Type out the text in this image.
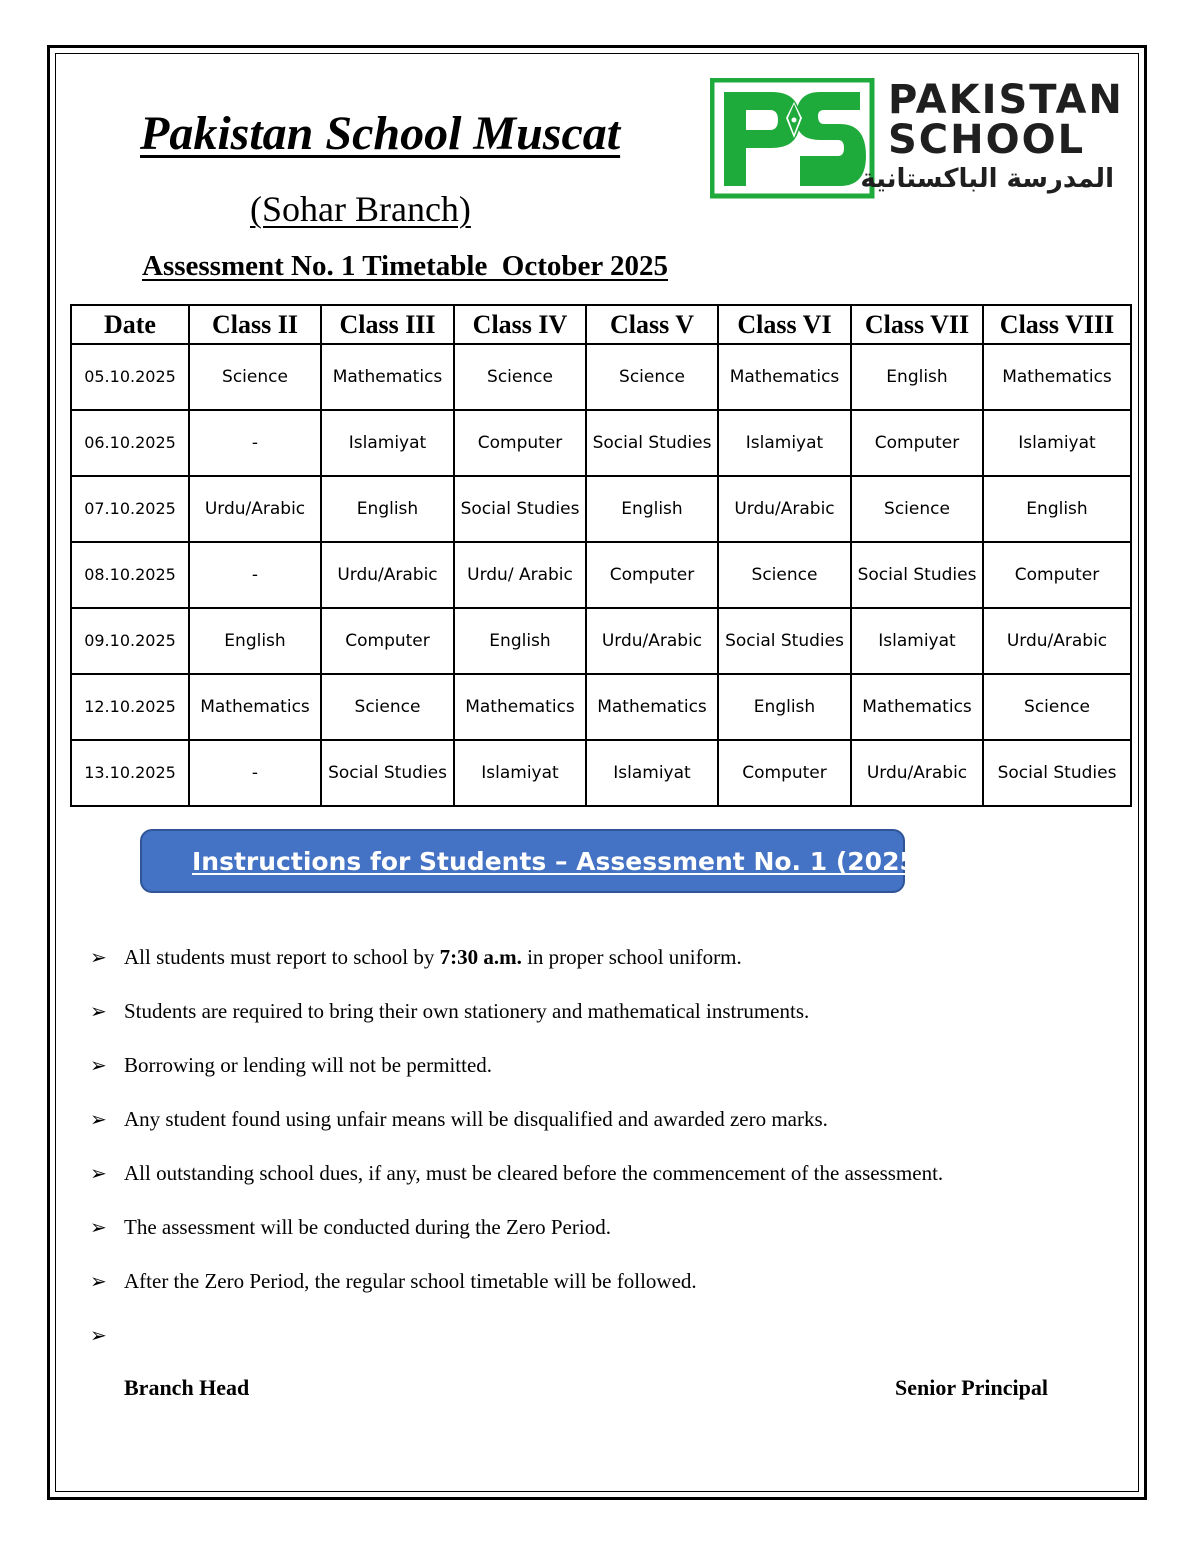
Pakistan School Muscat
(Sohar Branch)
Assessment No. 1 Timetable  October 2025
PAKISTAN
SCHOOL
المدرسة الباكستانية
Date	Class II	Class III	Class IV	Class V	Class VI	Class VII	Class VIII
05.10.2025	Science	Mathematics	Science	Science	Mathematics	English	Mathematics
06.10.2025	-	Islamiyat	Computer	Social Studies	Islamiyat	Computer	Islamiyat
07.10.2025	Urdu/Arabic	English	Social Studies	English	Urdu/Arabic	Science	English
08.10.2025	-	Urdu/Arabic	Urdu/ Arabic	Computer	Science	Social Studies	Computer
09.10.2025	English	Computer	English	Urdu/Arabic	Social Studies	Islamiyat	Urdu/Arabic
12.10.2025	Mathematics	Science	Mathematics	Mathematics	English	Mathematics	Science
13.10.2025	-	Social Studies	Islamiyat	Islamiyat	Computer	Urdu/Arabic	Social Studies
Instructions for Students – Assessment No. 1 (2025
➢ All students must report to school by 7:30 a.m. in proper school uniform.
➢ Students are required to bring their own stationery and mathematical instruments.
➢ Borrowing or lending will not be permitted.
➢ Any student found using unfair means will be disqualified and awarded zero marks.
➢ All outstanding school dues, if any, must be cleared before the commencement of the assessment.
➢ The assessment will be conducted during the Zero Period.
➢ After the Zero Period, the regular school timetable will be followed.
➢
Branch Head	Senior Principal
